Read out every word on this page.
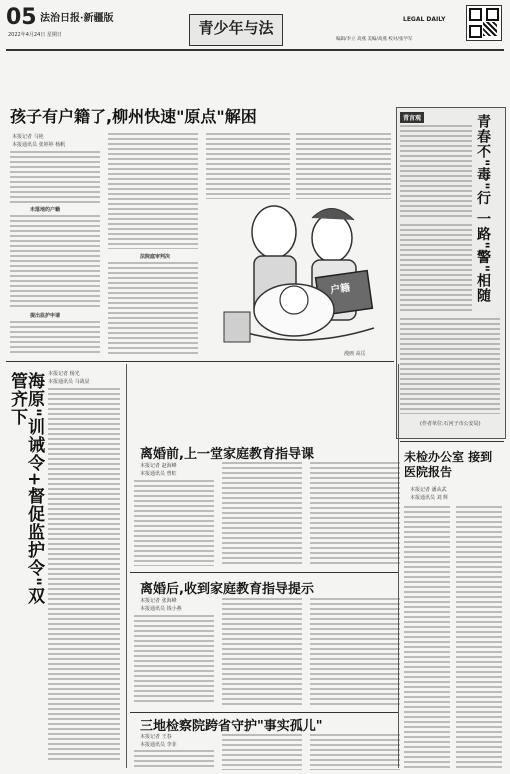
05 法治日报·新疆版
2022年4月24日 星期日	青少年与法	LEGAL DAILY
编辑/李立 高燕 美编/高燕 校对/张学军
孩子有户籍了,柳州快速"原点"解困
本报记者 马艳
本报通讯员 张婷婷 杨帆
未落地的户籍
提出监护申请
法院庭审判决
户籍
漫画 高岳
青言观	青春不"毒"行 一路"警"相随
(作者单位:石河子市公安局)
海原"训诫令+督促监护令"双管齐下	本报记者 杨光
本报通讯员 马战显
离婚前,上一堂家庭教育指导课
本报记者 赵海峰
本报通讯员 曾虹
离婚后,收到家庭教育指导提示
本报记者 张海峰
本报通讯员 钱小燕
三地检察院跨省守护"事实孤儿"
本报记者 王春
本报通讯员 李菲
未检办公室 接到医院报告
本报记者 潘从武
本报通讯员 刘 辉
